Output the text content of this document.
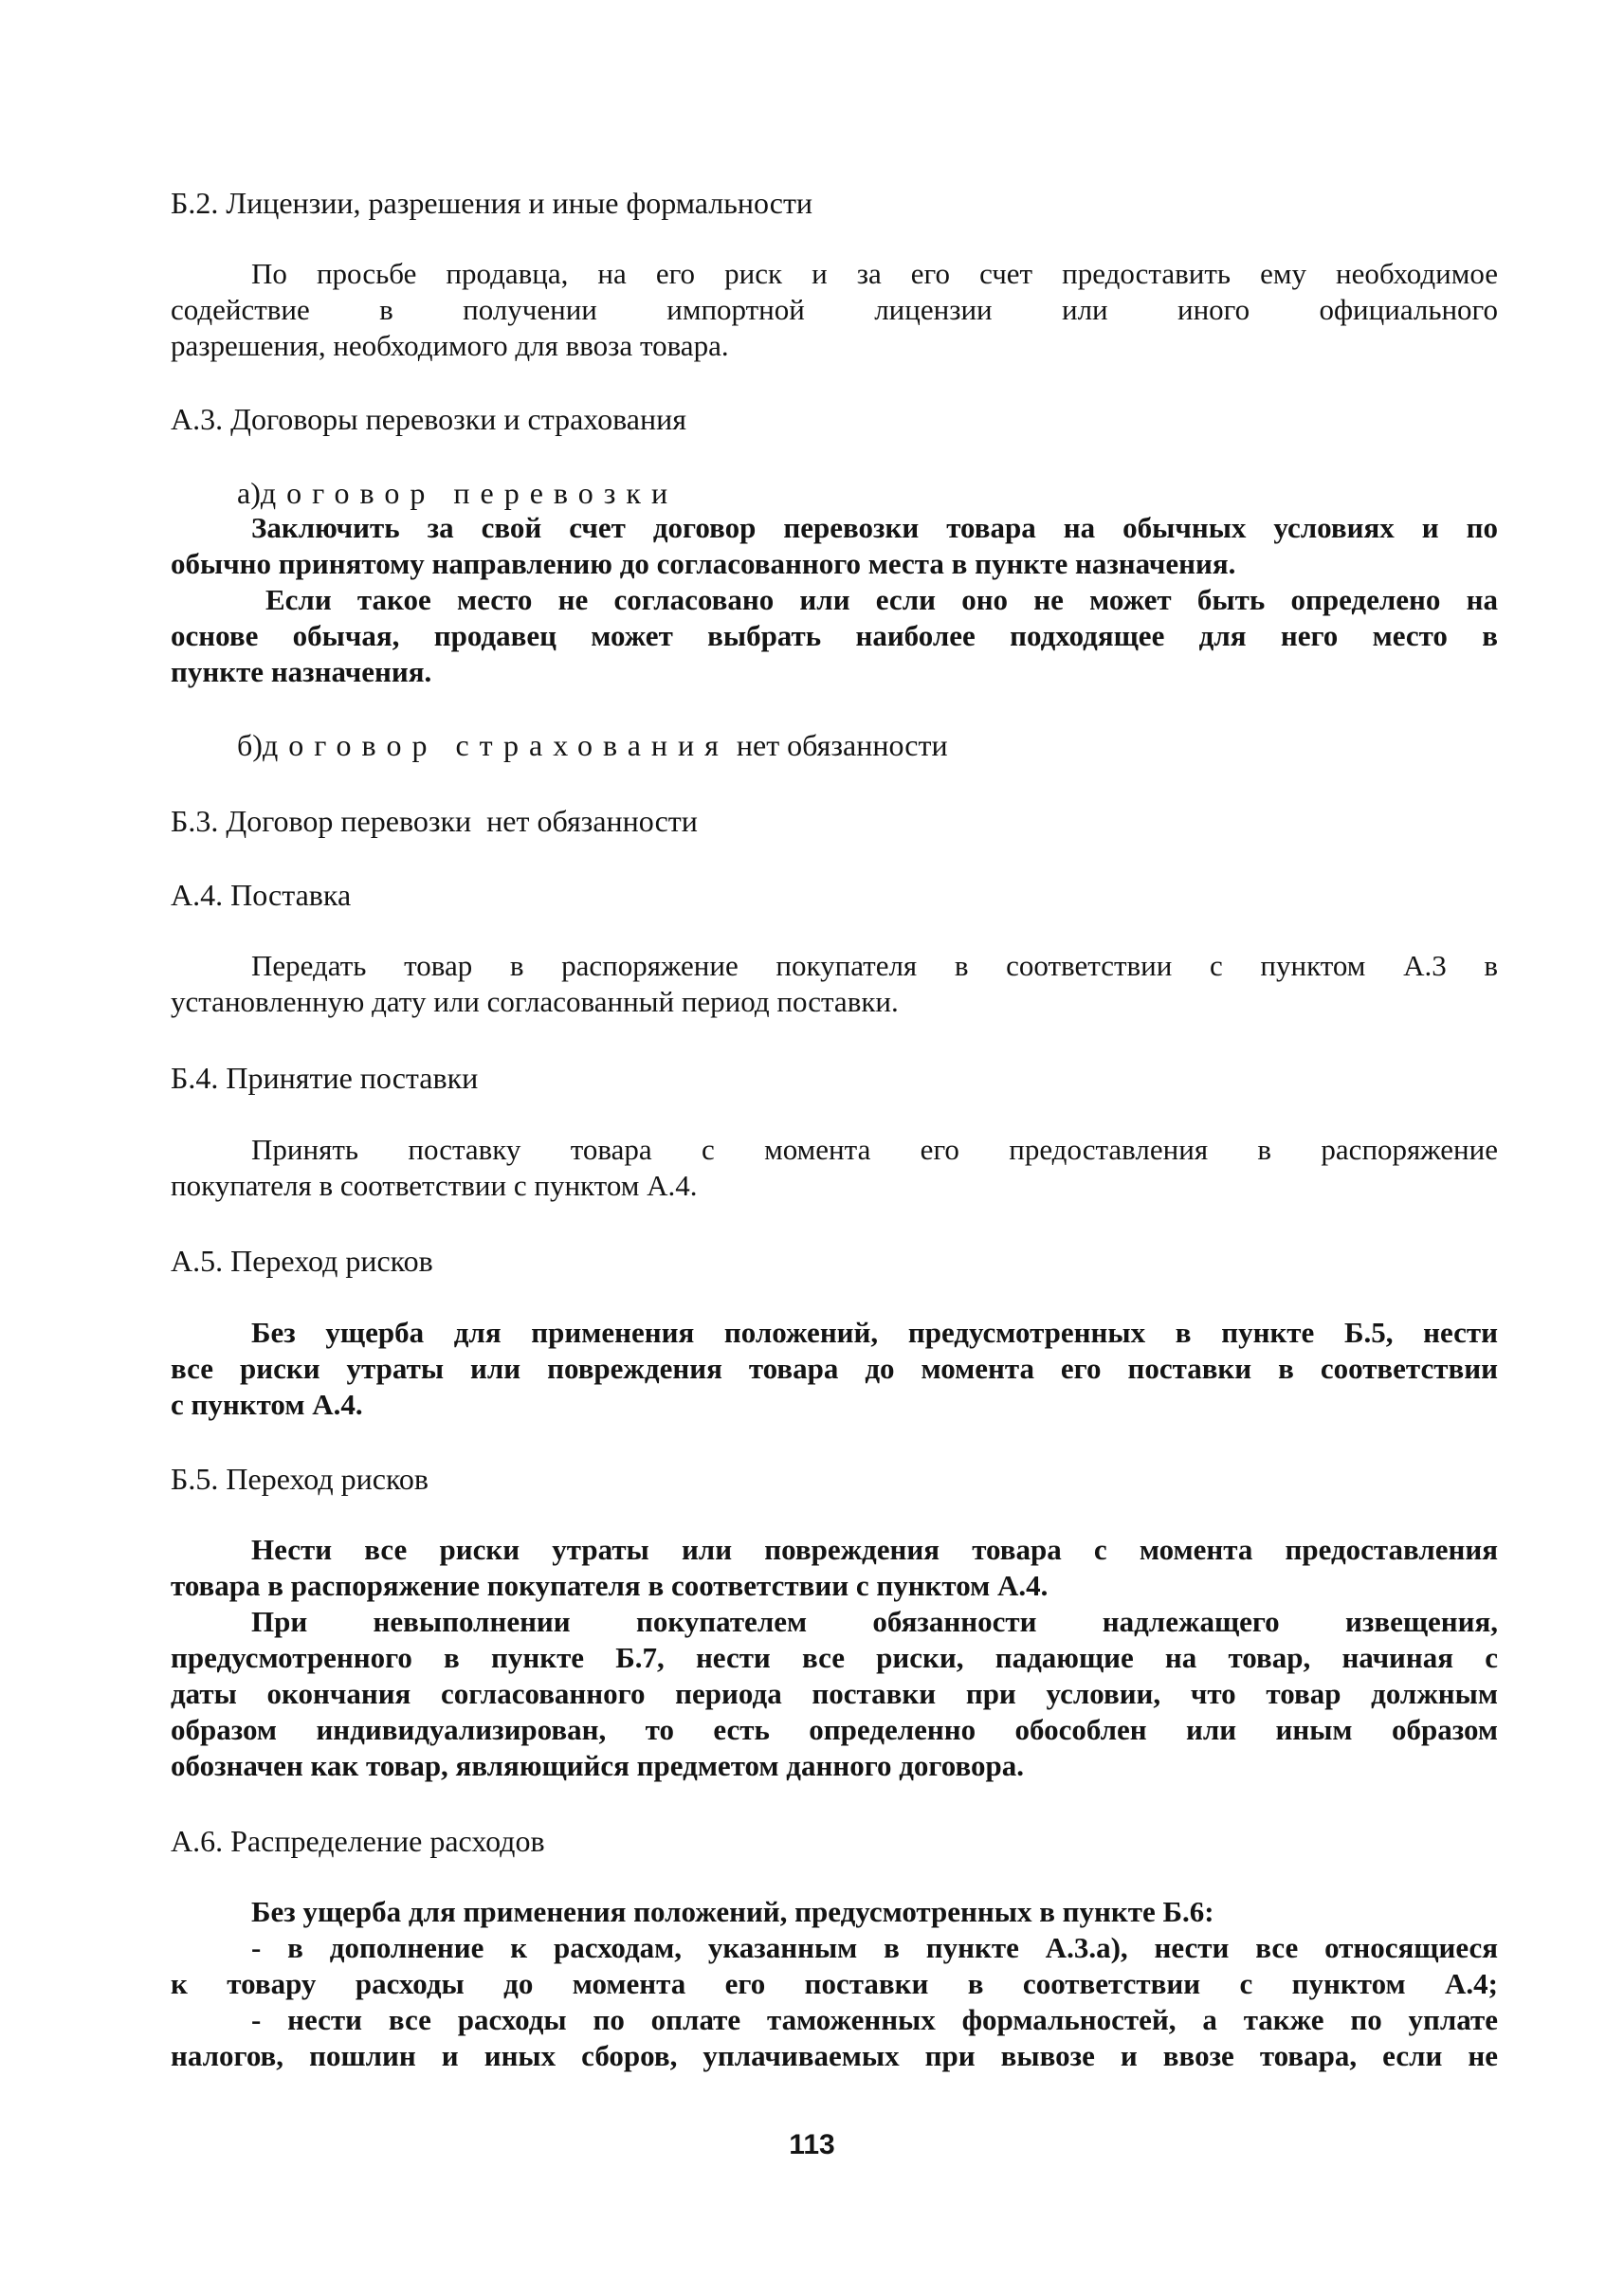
Б.2. Лицензии, разрешения и иные формальности
По просьбе продавца, на его риск и за его счет предоставить ему необходимое
содействие в получении импортной лицензии или иного официального
разрешения, необходимого для ввоза товара.
А.3. Договоры перевозки и страхования
а)договор перевозки
Заключить за свой счет договор перевозки товара на обычных условиях и по
обычно принятому направлению до согласованного места в пункте назначения.
Если такое место не согласовано или если оно не может быть определено на
основе обычая, продавец может выбрать наиболее подходящее для него место в
пункте назначения.
б)договор страхования нет обязанности
Б.3. Договор перевозки нет обязанности
А.4. Поставка
Передать товар в распоряжение покупателя в соответствии с пунктом А.3 в
установленную дату или согласованный период поставки.
Б.4. Принятие поставки
Принять поставку товара с момента его предоставления в распоряжение
покупателя в соответствии с пунктом А.4.
А.5. Переход рисков
Без ущерба для применения положений, предусмотренных в пункте Б.5, нести
все риски утраты или повреждения товара до момента его поставки в соответствии
с пунктом А.4.
Б.5. Переход рисков
Нести все риски утраты или повреждения товара с момента предоставления
товара в распоряжение покупателя в соответствии с пунктом А.4.
При невыполнении покупателем обязанности надлежащего извещения,
предусмотренного в пункте Б.7, нести все риски, падающие на товар, начиная с
даты окончания согласованного периода поставки при условии, что товар должным
образом индивидуализирован, то есть определенно обособлен или иным образом
обозначен как товар, являющийся предметом данного договора.
А.6. Распределение расходов
Без ущерба для применения положений, предусмотренных в пункте Б.6:
- в дополнение к расходам, указанным в пункте А.3.а), нести все относящиеся
к товару расходы до момента его поставки в соответствии с пунктом А.4;
- нести все расходы по оплате таможенных формальностей, а также по уплате
налогов, пошлин и иных сборов, уплачиваемых при вывозе и ввозе товара, если не
113
